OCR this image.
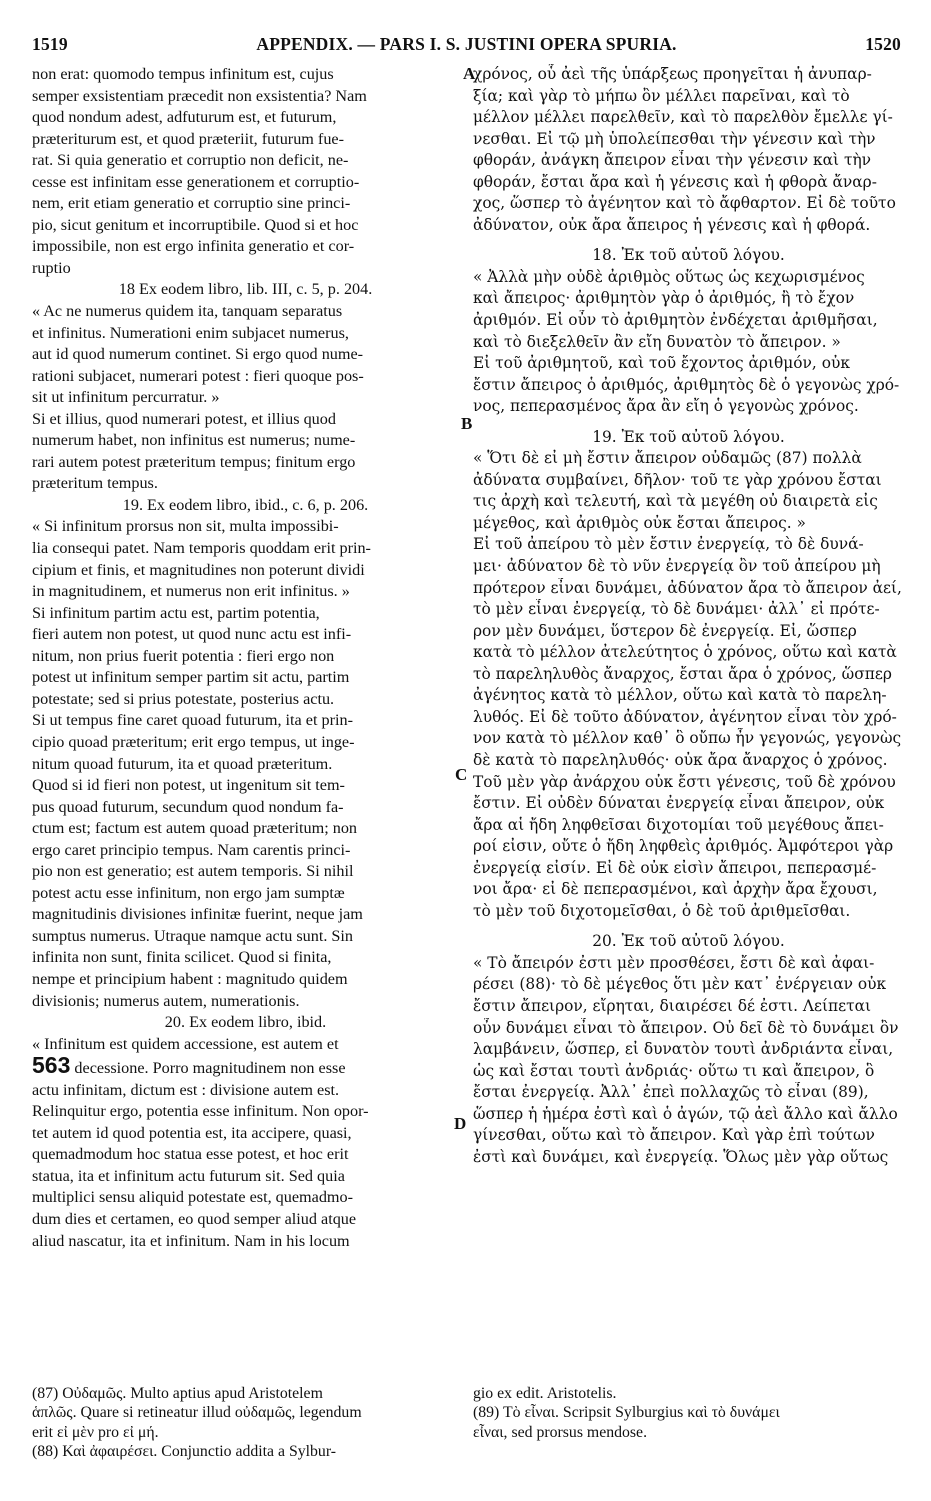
1519	APPENDIX. — PARS I. S. JUSTINI OPERA SPURIA.	1520
non erat: quomodo tempus infinitum est, cujus
semper exsistentiam præcedit non exsistentia? Nam
quod nondum adest, adfuturum est, et futurum,
præteriturum est, et quod præteriit, futurum fue-
rat. Si quia generatio et corruptio non deficit, ne-
cesse est infinitam esse generationem et corruptio-
nem, erit etiam generatio et corruptio sine princi-
pio, sicut genitum et incorruptibile. Quod si et hoc
impossibile, non est ergo infinita generatio et cor-
ruptio
18 Ex eodem libro, lib. III, c. 5, p. 204.
« Ac ne numerus quidem ita, tanquam separatus
et infinitus. Numerationi enim subjacet numerus,
aut id quod numerum continet. Si ergo quod nume-
rationi subjacet, numerari potest : fieri quoque pos-
sit ut infinitum percurratur. »
Si et illius, quod numerari potest, et illius quod
numerum habet, non infinitus est numerus; nume-
rari autem potest præteritum tempus; finitum ergo
præteritum tempus.
19. Ex eodem libro, ibid., c. 6, p. 206.
« Si infinitum prorsus non sit, multa impossibi-
lia consequi patet. Nam temporis quoddam erit prin-
cipium et finis, et magnitudines non poterunt dividi
in magnitudinem, et numerus non erit infinitus. »
Si infinitum partim actu est, partim potentia,
fieri autem non potest, ut quod nunc actu est infi-
nitum, non prius fuerit potentia : fieri ergo non
potest ut infinitum semper partim sit actu, partim
potestate; sed si prius potestate, posterius actu.
Si ut tempus fine caret quoad futurum, ita et prin-
cipio quoad præteritum; erit ergo tempus, ut inge-
nitum quoad futurum, ita et quoad præteritum.
Quod si id fieri non potest, ut ingenitum sit tem-
pus quoad futurum, secundum quod nondum fa-
ctum est; factum est autem quoad præteritum; non
ergo caret principio tempus. Nam carentis princi-
pio non est generatio; est autem temporis. Si nihil
potest actu esse infinitum, non ergo jam sumptæ
magnitudinis divisiones infinitæ fuerint, neque jam
sumptus numerus. Utraque namque actu sunt. Sin
infinita non sunt, finita scilicet. Quod si finita,
nempe et principium habent : magnitudo quidem
divisionis; numerus autem, numerationis.
20. Ex eodem libro, ibid.
« Infinitum est quidem accessione, est autem et
563 decessione. Porro magnitudinem non esse
actu infinitam, dictum est : divisione autem est.
Relinquitur ergo, potentia esse infinitum. Non opor-
tet autem id quod potentia est, ita accipere, quasi,
quemadmodum hoc statua esse potest, et hoc erit
statua, ita et infinitum actu futurum sit. Sed quia
multiplici sensu aliquid potestate est, quemadmo-
dum dies et certamen, eo quod semper aliud atque
aliud nascatur, ita et infinitum. Nam in his locum
χρόνος, οὗ ἀεὶ τῆς ὑπάρξεως προηγεῖται ἡ ἀνυπαρ-
ξία; καὶ γὰρ τὸ μήπω ὂν μέλλει παρεῖναι, καὶ τὸ
μέλλον μέλλει παρελθεῖν, καὶ τὸ παρελθὸν ἔμελλε γί-
νεσθαι. Εἰ τῷ μὴ ὑπολείπεσθαι τὴν γένεσιν καὶ τὴν
φθοράν, ἀνάγκη ἄπειρον εἶναι τὴν γένεσιν καὶ τὴν
φθοράν, ἔσται ἄρα καὶ ἡ γένεσις καὶ ἡ φθορὰ ἄναρ-
χος, ὥσπερ τὸ ἀγένητον καὶ τὸ ἄφθαρτον. Εἰ δὲ τοῦτο
ἀδύνατον, οὐκ ἄρα ἄπειρος ἡ γένεσις καὶ ἡ φθορά.
18. Ἐκ τοῦ αὐτοῦ λόγου.
« Ἀλλὰ μὴν οὐδὲ ἀριθμὸς οὕτως ὡς κεχωρισμένος
καὶ ἄπειρος· ἀριθμητὸν γὰρ ὁ ἀριθμός, ἢ τὸ ἔχον
ἀριθμόν. Εἰ οὖν τὸ ἀριθμητὸν ἐνδέχεται ἀριθμῆσαι,
καὶ τὸ διεξελθεῖν ἂν εἴη δυνατὸν τὸ ἄπειρον. »
Εἰ τοῦ ἀριθμητοῦ, καὶ τοῦ ἔχοντος ἀριθμόν, οὐκ
ἔστιν ἄπειρος ὁ ἀριθμός, ἀριθμητὸς δὲ ὁ γεγονὼς χρό-
νος, πεπερασμένος ἄρα ἂν εἴη ὁ γεγονὼς χρόνος.
19. Ἐκ τοῦ αὐτοῦ λόγου.
« Ὅτι δὲ εἰ μὴ ἔστιν ἄπειρον οὐδαμῶς (87) πολλὰ
ἀδύνατα συμβαίνει, δῆλον· τοῦ τε γὰρ χρόνου ἔσται
τις ἀρχὴ καὶ τελευτή, καὶ τὰ μεγέθη οὐ διαιρετὰ εἰς
μέγεθος, καὶ ἀριθμὸς οὐκ ἔσται ἄπειρος. »
Εἰ τοῦ ἀπείρου τὸ μὲν ἔστιν ἐνεργείᾳ, τὸ δὲ δυνά-
μει· ἀδύνατον δὲ τὸ νῦν ἐνεργείᾳ ὂν τοῦ ἀπείρου μὴ
πρότερον εἶναι δυνάμει, ἀδύνατον ἄρα τὸ ἄπειρον ἀεί,
τὸ μὲν εἶναι ἐνεργείᾳ, τὸ δὲ δυνάμει· ἀλλ᾽ εἰ πρότε-
ρον μὲν δυνάμει, ὕστερον δὲ ἐνεργείᾳ. Εἰ, ὥσπερ
κατὰ τὸ μέλλον ἀτελεύτητος ὁ χρόνος, οὕτω καὶ κατὰ
τὸ παρεληλυθὸς ἄναρχος, ἔσται ἄρα ὁ χρόνος, ὥσπερ
ἀγένητος κατὰ τὸ μέλλον, οὕτω καὶ κατὰ τὸ παρελη-
λυθός. Εἰ δὲ τοῦτο ἀδύνατον, ἀγένητον εἶναι τὸν χρό-
νον κατὰ τὸ μέλλον καθ᾽ ὃ οὔπω ἦν γεγονώς, γεγονὼς
δὲ κατὰ τὸ παρεληλυθός· οὐκ ἄρα ἄναρχος ὁ χρόνος.
Τοῦ μὲν γὰρ ἀνάρχου οὐκ ἔστι γένεσις, τοῦ δὲ χρόνου
ἔστιν. Εἰ οὐδὲν δύναται ἐνεργείᾳ εἶναι ἄπειρον, οὐκ
ἄρα αἱ ἤδη ληφθεῖσαι διχοτομίαι τοῦ μεγέθους ἄπει-
ροί εἰσιν, οὔτε ὁ ἤδη ληφθεὶς ἀριθμός. Ἀμφότεροι γὰρ
ἐνεργείᾳ εἰσίν. Εἰ δὲ οὐκ εἰσὶν ἄπειροι, πεπερασμέ-
νοι ἄρα· εἰ δὲ πεπερασμένοι, καὶ ἀρχὴν ἄρα ἔχουσι,
τὸ μὲν τοῦ διχοτομεῖσθαι, ὁ δὲ τοῦ ἀριθμεῖσθαι.
20. Ἐκ τοῦ αὐτοῦ λόγου.
« Τὸ ἄπειρόν ἐστι μὲν προσθέσει, ἔστι δὲ καὶ ἀφαι-
ρέσει (88)· τὸ δὲ μέγεθος ὅτι μὲν κατ᾽ ἐνέργειαν οὐκ
ἔστιν ἄπειρον, εἴρηται, διαιρέσει δέ ἐστι. Λείπεται
οὖν δυνάμει εἶναι τὸ ἄπειρον. Οὐ δεῖ δὲ τὸ δυνάμει ὂν
λαμβάνειν, ὥσπερ, εἰ δυνατὸν τουτὶ ἀνδριάντα εἶναι,
ὡς καὶ ἔσται τουτὶ ἀνδριάς· οὕτω τι καὶ ἄπειρον, ὃ
ἔσται ἐνεργείᾳ. Ἀλλ᾽ ἐπεὶ πολλαχῶς τὸ εἶναι (89),
ὥσπερ ἡ ἡμέρα ἐστὶ καὶ ὁ ἀγών, τῷ ἀεὶ ἄλλο καὶ ἄλλο
γίνεσθαι, οὕτω καὶ τὸ ἄπειρον. Καὶ γὰρ ἐπὶ τούτων
ἐστὶ καὶ δυνάμει, καὶ ἐνεργείᾳ. Ὅλως μὲν γὰρ οὕτως
A
B
C
D
(87) Οὐδαμῶς. Multo aptius apud Aristotelem
ἁπλῶς. Quare si retineatur illud οὐδαμῶς, legendum
erit εἰ μὲν pro εἰ μή.
(88) Καὶ ἀφαιρέσει. Conjunctio addita a Sylbur-
gio ex edit. Aristotelis.
(89) Τὸ εἶναι. Scripsit Sylburgius καὶ τὸ δυνάμει
εἶναι, sed prorsus mendose.
